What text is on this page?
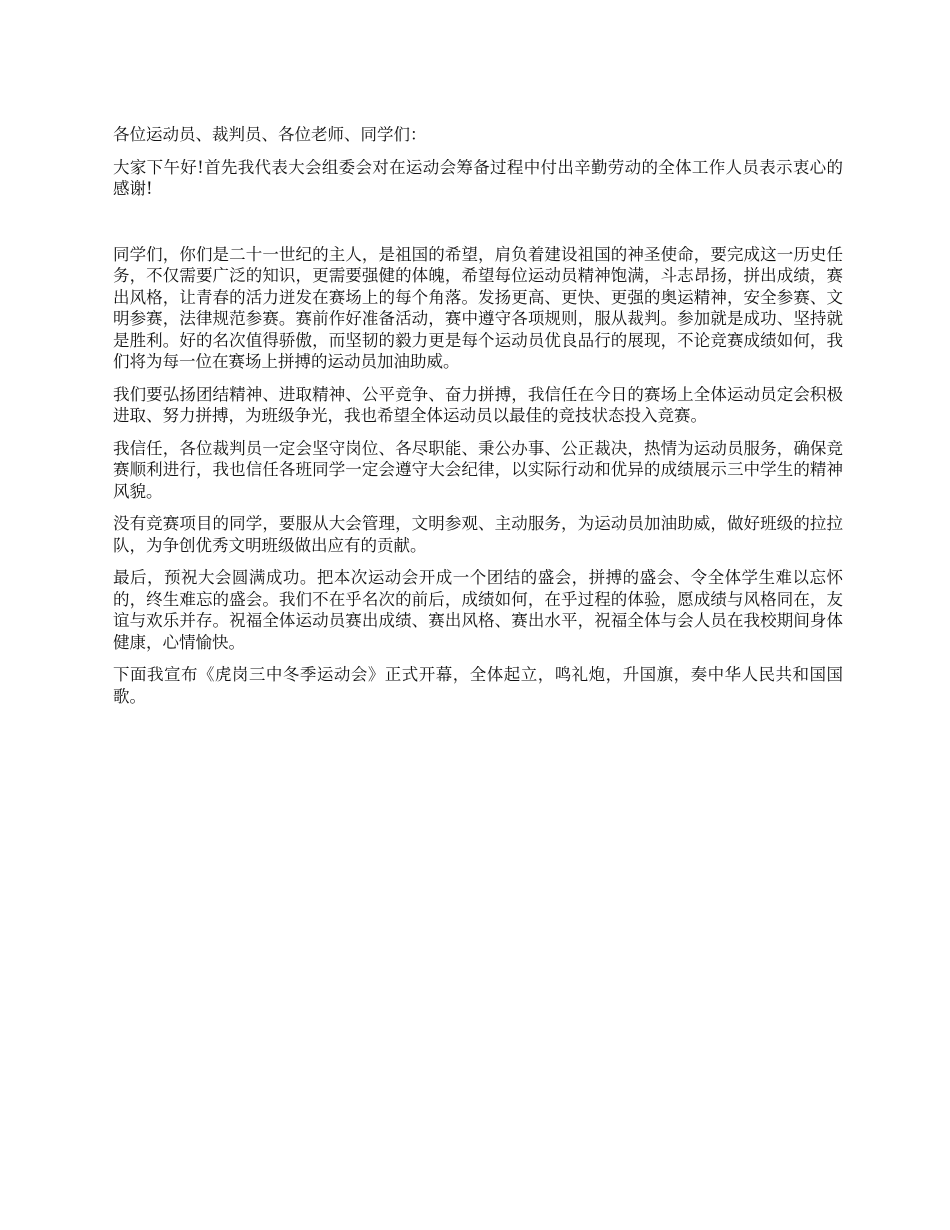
各位运动员、裁判员、各位老师、同学们：

大家下午好!首先我代表大会组委会对在运动会筹备过程中付出辛勤劳动的全体工作人员表示衷心的感谢!

同学们，你们是二十一世纪的主人，是祖国的希望，肩负着建设祖国的神圣使命，要完成这一历史任务，不仅需要广泛的知识，更需要强健的体魄，希望每位运动员精神饱满，斗志昂扬，拼出成绩，赛出风格，让青春的活力迸发在赛场上的每个角落。发扬更高、更快、更强的奥运精神，安全参赛、文明参赛，法律规范参赛。赛前作好准备活动，赛中遵守各项规则，服从裁判。参加就是成功、坚持就是胜利。好的名次值得骄傲，而坚韧的毅力更是每个运动员优良品行的展现，不论竞赛成绩如何，我们将为每一位在赛场上拼搏的运动员加油助威。

我们要弘扬团结精神、进取精神、公平竞争、奋力拼搏，我信任在今日的赛场上全体运动员定会积极进取、努力拼搏，为班级争光，我也希望全体运动员以最佳的竞技状态投入竞赛。

我信任，各位裁判员一定会坚守岗位、各尽职能、秉公办事、公正裁决，热情为运动员服务，确保竞赛顺利进行，我也信任各班同学一定会遵守大会纪律，以实际行动和优异的成绩展示三中学生的精神风貌。

没有竞赛项目的同学，要服从大会管理，文明参观、主动服务，为运动员加油助威，做好班级的拉拉队，为争创优秀文明班级做出应有的贡献。

最后，预祝大会圆满成功。把本次运动会开成一个团结的盛会，拼搏的盛会、令全体学生难以忘怀的，终生难忘的盛会。我们不在乎名次的前后，成绩如何，在乎过程的体验，愿成绩与风格同在，友谊与欢乐并存。祝福全体运动员赛出成绩、赛出风格、赛出水平，祝福全体与会人员在我校期间身体健康，心情愉快。

下面我宣布《虎岗三中冬季运动会》正式开幕，全体起立，鸣礼炮，升国旗，奏中华人民共和国国歌。
